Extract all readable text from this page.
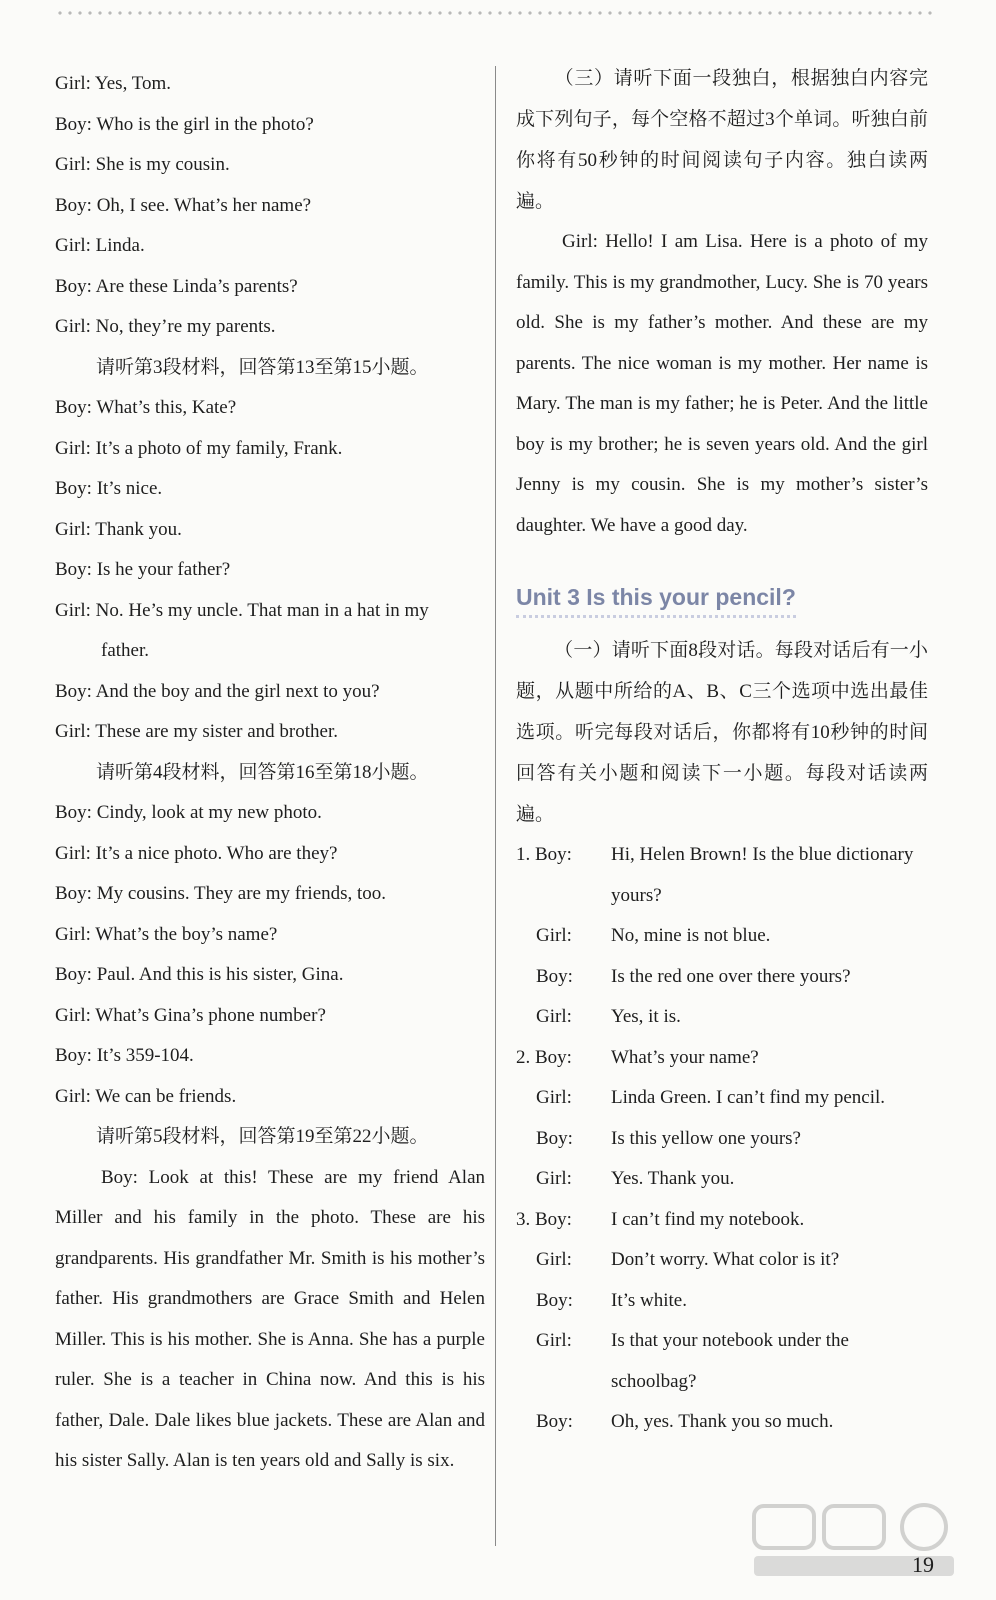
Girl: Yes, Tom.
Boy: Who is the girl in the photo?
Girl: She is my cousin.
Boy: Oh, I see. What’s her name?
Girl: Linda.
Boy: Are these Linda’s parents?
Girl: No, they’re my parents.
请听第3段材料，回答第13至第15小题。
Boy: What’s this, Kate?
Girl: It’s a photo of my family, Frank.
Boy: It’s nice.
Girl: Thank you.
Boy: Is he your father?
Girl: No. He’s my uncle. That man in a hat in my
father.
Boy: And the boy and the girl next to you?
Girl: These are my sister and brother.
请听第4段材料，回答第16至第18小题。
Boy: Cindy, look at my new photo.
Girl: It’s a nice photo. Who are they?
Boy: My cousins. They are my friends, too.
Girl: What’s the boy’s name?
Boy: Paul. And this is his sister, Gina.
Girl: What’s Gina’s phone number?
Boy: It’s 359-104.
Girl: We can be friends.
请听第5段材料，回答第19至第22小题。
Boy: Look at this! These are my friend Alan Miller and his family in the photo. These are his grandparents. His grandfather Mr. Smith is his mother’s father. His grandmothers are Grace Smith and Helen Miller. This is his mother. She is Anna. She has a purple ruler. She is a teacher in China now. And this is his father, Dale. Dale likes blue jackets. These are Alan and his sister Sally. Alan is ten years old and Sally is six.
（三）请听下面一段独白，根据独白内容完成下列句子，每个空格不超过3个单词。听独白前你将有50秒钟的时间阅读句子内容。独白读两遍。
Girl: Hello! I am Lisa. Here is a photo of my family. This is my grandmother, Lucy. She is 70 years old. She is my father’s mother. And these are my parents. The nice woman is my mother. Her name is Mary. The man is my father; he is Peter. And the little boy is my brother; he is seven years old. And the girl Jenny is my cousin. She is my mother’s sister’s daughter. We have a good day.
Unit 3 Is this your pencil?
（一）请听下面8段对话。每段对话后有一小题，从题中所给的A、B、C三个选项中选出最佳选项。听完每段对话后，你都将有10秒钟的时间回答有关小题和阅读下一小题。每段对话读两遍。
1. Boy:	Hi, Helen Brown! Is the blue dictionary
yours?
Girl:	No, mine is not blue.
Boy:	Is the red one over there yours?
Girl:	Yes, it is.
2. Boy:	What’s your name?
Girl:	Linda Green. I can’t find my pencil.
Boy:	Is this yellow one yours?
Girl:	Yes. Thank you.
3. Boy:	I can’t find my notebook.
Girl:	Don’t worry. What color is it?
Boy:	It’s white.
Girl:	Is that your notebook under the
schoolbag?
Boy:	Oh, yes. Thank you so much.
19
